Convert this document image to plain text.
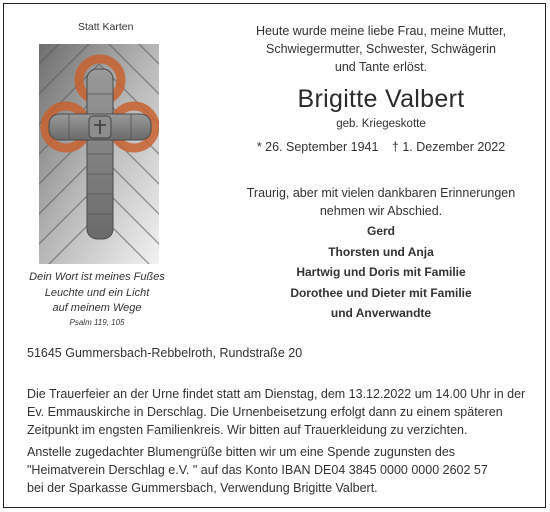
Statt Karten
Dein Wort ist meines Fußes
Leuchte und ein Licht
auf meinem Wege
Psalm 119, 105
Heute wurde meine liebe Frau, meine Mutter,
Schwiegermutter, Schwester, Schwägerin
und Tante erlöst.
Brigitte Valbert
geb. Kriegeskotte
* 26. September 1941 † 1. Dezember 2022
Traurig, aber mit vielen dankbaren Erinnerungen
nehmen wir Abschied.
Gerd
Thorsten und Anja
Hartwig und Doris mit Familie
Dorothee und Dieter mit Familie
und Anverwandte
51645 Gummersbach-Rebbelroth, Rundstraße 20
Die Trauerfeier an der Urne findet statt am Dienstag, dem 13.12.2022 um 14.00 Uhr in der
Ev. Emmauskirche in Derschlag. Die Urnenbeisetzung erfolgt dann zu einem späteren
Zeitpunkt im engsten Familienkreis. Wir bitten auf Trauerkleidung zu verzichten.
Anstelle zugedachter Blumengrüße bitten wir um eine Spende zugunsten des
"Heimatverein Derschlag e.V. " auf das Konto IBAN DE04 3845 0000 0000 2602 57
bei der Sparkasse Gummersbach, Verwendung Brigitte Valbert.
